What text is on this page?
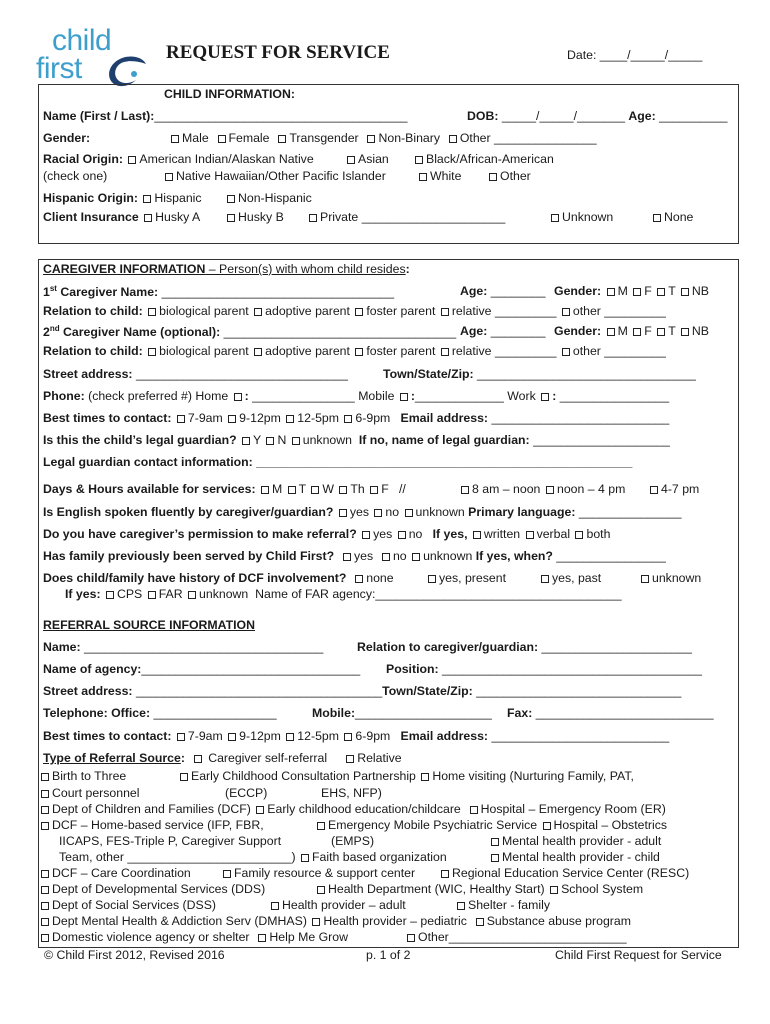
child
first	REQUEST FOR SERVICE	Date: ____/_____/_____
CHILD INFORMATION:
Name (First / Last):_____________________________________	DOB: _____/_____/_______ Age: __________
Gender:	Male Female Transgender Non-Binary Other _______________
Racial Origin: American Indian/Alaskan Native	Asian	Black/African-American
(check one)	Native Hawaiian/Other Pacific Islander	White	Other
Hispanic Origin: Hispanic	Non-Hispanic
Client Insurance Husky A	Husky B	Private _____________________	Unknown	None
CAREGIVER INFORMATION – Person(s) with whom child resides:
1st Caregiver Name: __________________________________	Age: ________ Gender: M F T NB
Relation to child: biological parent adoptive parent foster parent relative _________ other _________
2nd Caregiver Name (optional): __________________________________ Age: ________ Gender: M F T NB
Relation to child: biological parent adoptive parent foster parent relative _________ other _________
Street address: _______________________________	Town/State/Zip: ________________________________
Phone: (check preferred #) Home : _______________ Mobile :_____________ Work : ________________
Best times to contact: 7-9am 9-12pm 12-5pm 6-9pm Email address: __________________________
Is this the child’s legal guardian? Y N unknown If no, name of legal guardian: ____________________
Legal guardian contact information: _______________________________________________________
Days & Hours available for services: M T W Th F //	8 am – noon	noon – 4 pm	4-7 pm
Is English spoken fluently by caregiver/guardian? yes no unknown Primary language: _______________
Do you have caregiver’s permission to make referral? yes no If yes, written verbal both
Has family previously been served by Child First? yes no unknown If yes, when? ________________
Does child/family have history of DCF involvement? none	yes, present	yes, past	unknown
If yes: CPS FAR unknown Name of FAR agency:____________________________________
REFERRAL SOURCE INFORMATION
Name: ___________________________________	Relation to caregiver/guardian: ______________________
Name of agency:________________________________ Position: ______________________________________
Street address: ____________________________________Town/State/Zip: ______________________________
Telephone: Office: __________________	Mobile:____________________ Fax: __________________________
Best times to contact: 7-9am 9-12pm 12-5pm 6-9pm Email address: __________________________
Type of Referral Source: Caregiver self-referral Relative
Birth to Three	Early Childhood Consultation Partnership Home visiting (Nurturing Family, PAT,
Court personnel	(ECCP)	EHS, NFP)
Dept of Children and Families (DCF) Early childhood education/childcare Hospital – Emergency Room (ER)
DCF – Home-based service (IFP, FBR,	Emergency Mobile Psychiatric Service Hospital – Obstetrics
IICAPS, FES-Triple P, Caregiver Support	(EMPS)	Mental health provider - adult
Team, other ________________________) Faith based organization	Mental health provider - child
DCF – Care Coordination	Family resource & support center	Regional Education Service Center (RESC)
Dept of Developmental Services (DDS)	Health Department (WIC, Healthy Start) School System
Dept of Social Services (DSS)	Health provider – adult	Shelter - family
Dept Mental Health & Addiction Serv (DMHAS) Health provider – pediatric Substance abuse program
Domestic violence agency or shelter Help Me Grow	Other__________________________
© Child First 2012, Revised 2016	p. 1 of 2	Child First Request for Service
